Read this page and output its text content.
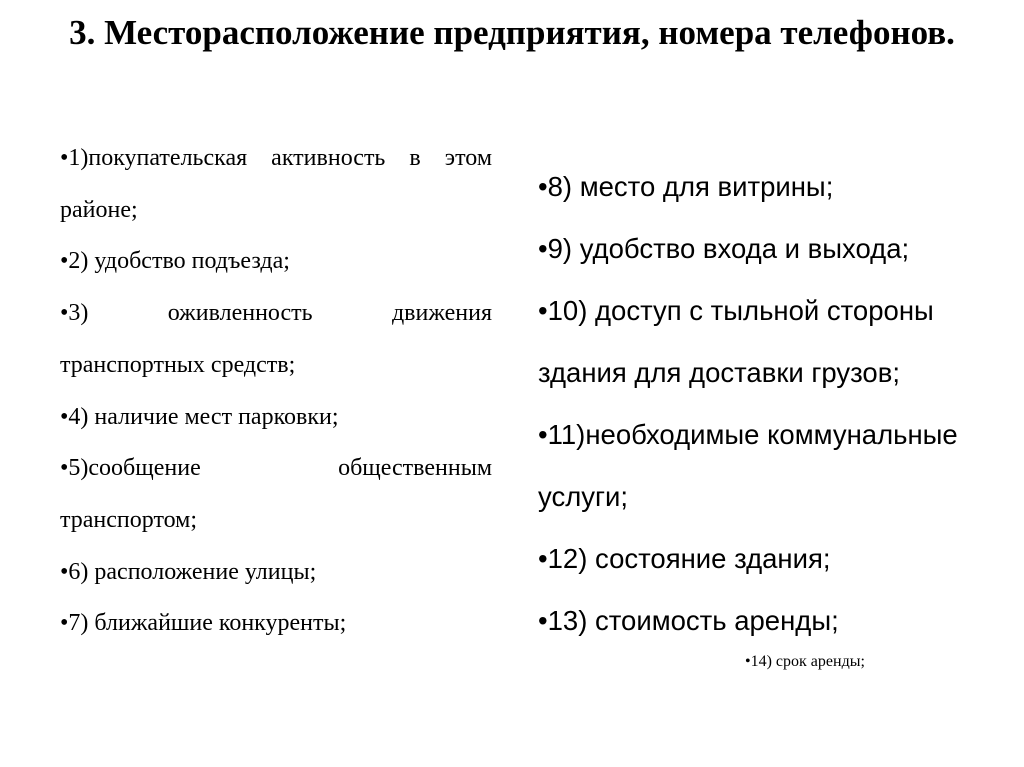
3. Месторасположение предприятия, номера телефонов.
•1)покупательская активность в этом районе;
•2) удобство подъезда;
•3) оживленность движения транспортных средств;
•4) наличие мест парковки;
•5)сообщение общественным транспортом;
•6) расположение улицы;
•7) ближайшие конкуренты;
•8) место для витрины;
•9) удобство входа и выхода;
•10) доступ с тыльной стороны здания для доставки грузов;
•11)необходимые коммунальные услуги;
•12) состояние здания;
•13) стоимость аренды;

•14) срок аренды;
